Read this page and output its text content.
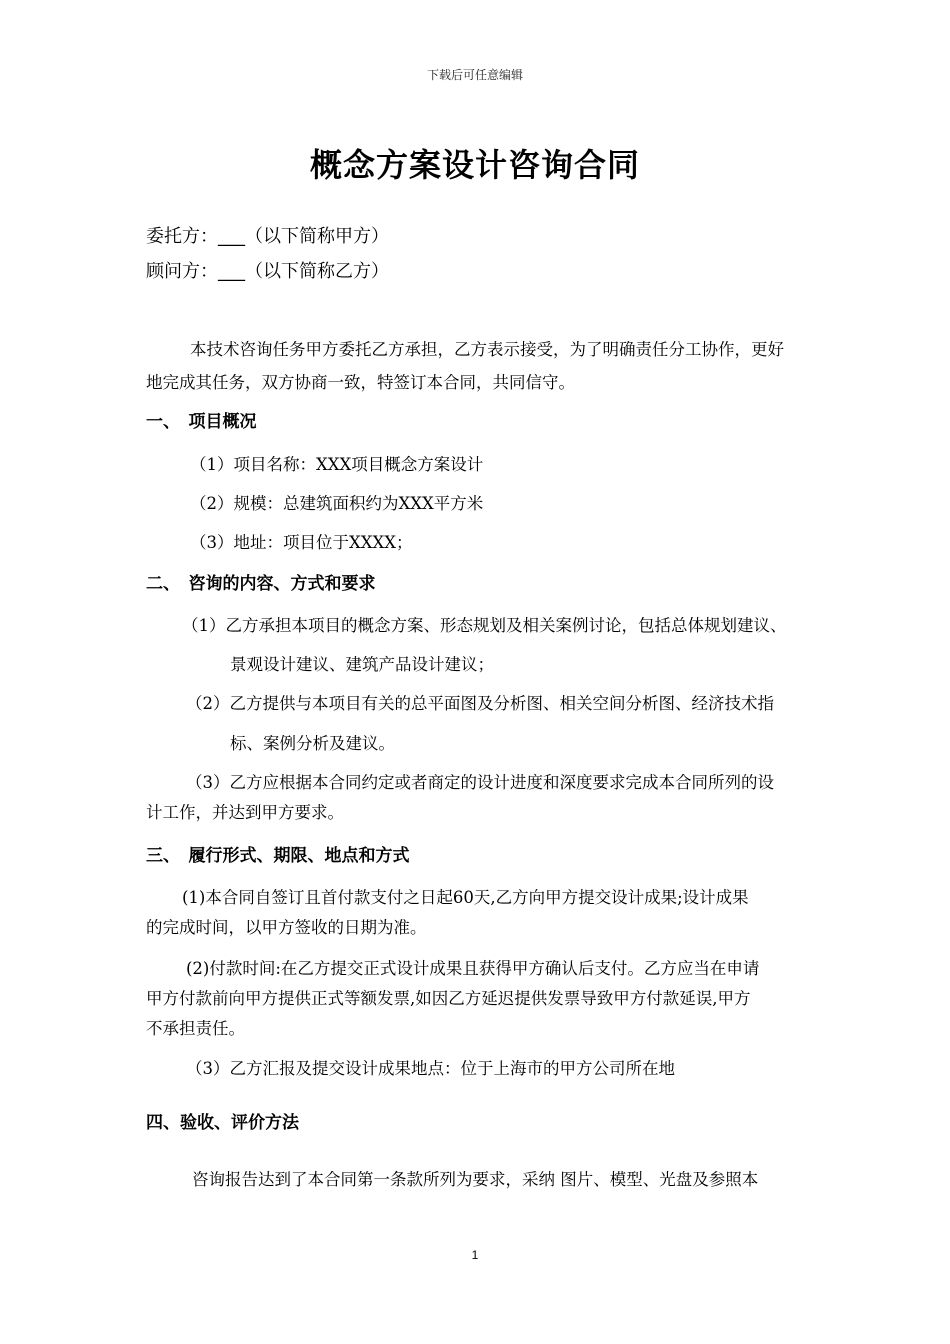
下载后可任意编辑
概念方案设计咨询合同
委托方：___（以下简称甲方）
顾问方：___（以下简称乙方）
本技术咨询任务甲方委托乙方承担，乙方表示接受，为了明确责任分工协作，更好
地完成其任务，双方协商一致，特签订本合同，共同信守。
一、　项目概况
（1）项目名称：XXX项目概念方案设计
（2）规模：总建筑面积约为XXX平方米
（3）地址：项目位于XXXX；
二、　咨询的内容、方式和要求
（1）乙方承担本项目的概念方案、形态规划及相关案例讨论，包括总体规划建议、
景观设计建议、建筑产品设计建议；
（2）乙方提供与本项目有关的总平面图及分析图、相关空间分析图、经济技术指
标、案例分析及建议。
（3）乙方应根据本合同约定或者商定的设计进度和深度要求完成本合同所列的设
计工作，并达到甲方要求。
三、　履行形式、期限、地点和方式
(1)本合同自签订且首付款支付之日起60天,乙方向甲方提交设计成果;设计成果
的完成时间，以甲方签收的日期为准。
(2)付款时间:在乙方提交正式设计成果且获得甲方确认后支付。乙方应当在申请
甲方付款前向甲方提供正式等额发票,如因乙方延迟提供发票导致甲方付款延误,甲方
不承担责任。
（3）乙方汇报及提交设计成果地点：位于上海市的甲方公司所在地
四、验收、评价方法
咨询报告达到了本合同第一条款所列为要求，采纳 图片、模型、光盘及参照本
1
